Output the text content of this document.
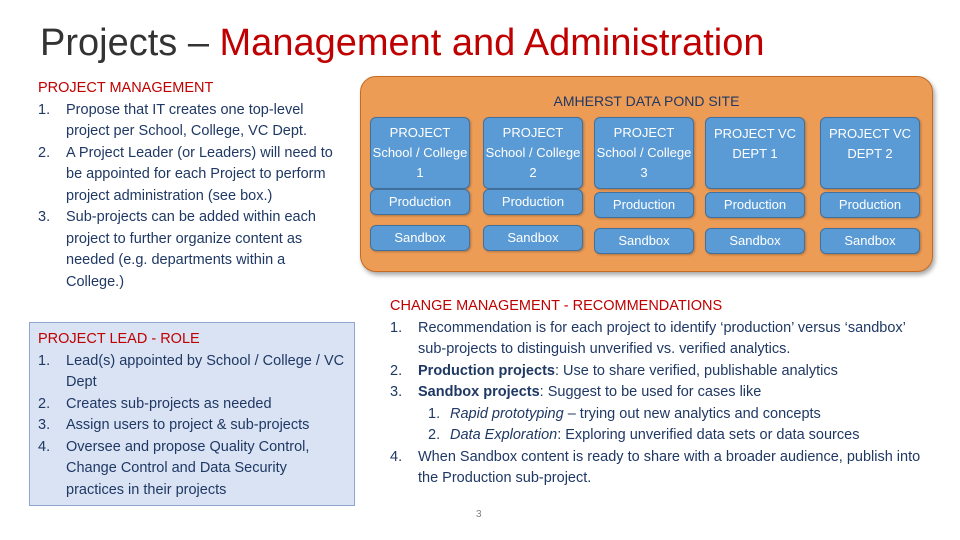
Projects – Management and Administration
PROJECT MANAGEMENT
1.	Propose that IT creates one top-level project per School, College, VC Dept.
2.	A Project Leader (or Leaders) will need to be appointed for each Project to perform project administration (see box.)
3.	Sub-projects can be added within each project to further organize content as needed (e.g. departments within a College.)
PROJECT LEAD - ROLE
1.	Lead(s) appointed by School / College / VC Dept
2.	Creates sub-projects as needed
3.	Assign users to project & sub-projects
4.	Oversee and propose Quality Control, Change Control and Data Security practices in their projects
AMHERST DATA POND SITE
PROJECT School / College 1
PROJECT School / College 2
PROJECT School / College 3
PROJECT VC DEPT 1
PROJECT VC DEPT 2
Production	Production	Production	Production	Production
Sandbox	Sandbox	Sandbox	Sandbox	Sandbox
CHANGE MANAGEMENT - RECOMMENDATIONS
1.	Recommendation is for each project to identify ‘production’ versus ‘sandbox’ sub-projects to distinguish unverified vs. verified analytics.
2.	Production projects: Use to share verified, publishable analytics
3.	Sandbox projects: Suggest to be used for cases like
1. Rapid prototyping – trying out new analytics and concepts
2. Data Exploration: Exploring unverified data sets or data sources
4.	When Sandbox content is ready to share with a broader audience, publish into the Production sub-project.
3
